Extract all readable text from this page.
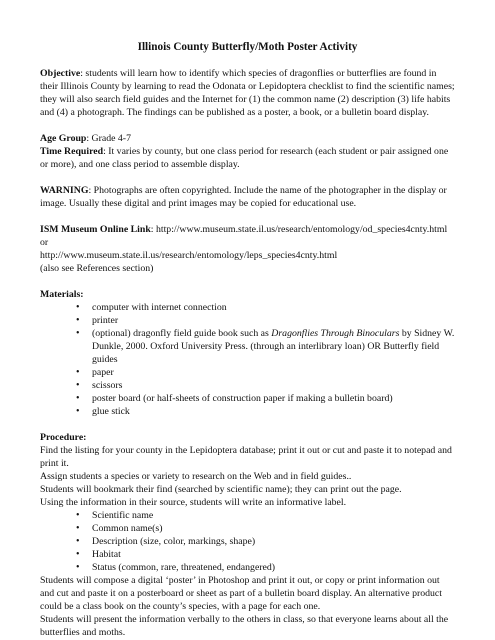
Illinois County Butterfly/Moth Poster Activity

Objective: students will learn how to identify which species of dragonflies or butterflies are found in their Illinois County by learning to read the Odonata or Lepidoptera checklist to find the scientific names; they will also search field guides and the Internet for (1) the common name (2) description (3) life habits and (4) a photograph. The findings can be published as a poster, a book, or a bulletin board display.

Age Group: Grade 4-7

Time Required: It varies by county, but one class period for research (each student or pair assigned one or more), and one class period to assemble display.

WARNING: Photographs are often copyrighted. Include the name of the photographer in the display or image. Usually these digital and print images may be copied for educational use.

ISM Museum Online Link: http://www.museum.state.il.us/research/entomology/od_species4cnty.html

or

http://www.museum.state.il.us/research/entomology/leps_species4cnty.html

(also see References section)

Materials:

• computer with internet connection
• printer
• (optional) dragonfly field guide book such as Dragonflies Through Binoculars by Sidney W. Dunkle, 2000. Oxford University Press. (through an interlibrary loan) OR Butterfly field guides
• paper
• scissors
• poster board (or half-sheets of construction paper if making a bulletin board)
• glue stick

Procedure:

Find the listing for your county in the Lepidoptera database; print it out or cut and paste it to notepad and print it.

Assign students a species or variety to research on the Web and in field guides..

Students will bookmark their find (searched by scientific name); they can print out the page.

Using the information in their source, students will write an informative label.

• Scientific name
• Common name(s)
• Description (size, color, markings, shape)
• Habitat
• Status (common, rare, threatened, endangered)

Students will compose a digital ‘poster’ in Photoshop and print it out, or copy or print information out and cut and paste it on a posterboard or sheet as part of a bulletin board display. An alternative product could be a class book on the county’s species, with a page for each one.

Students will present the information verbally to the others in class, so that everyone learns about all the butterflies and moths.
